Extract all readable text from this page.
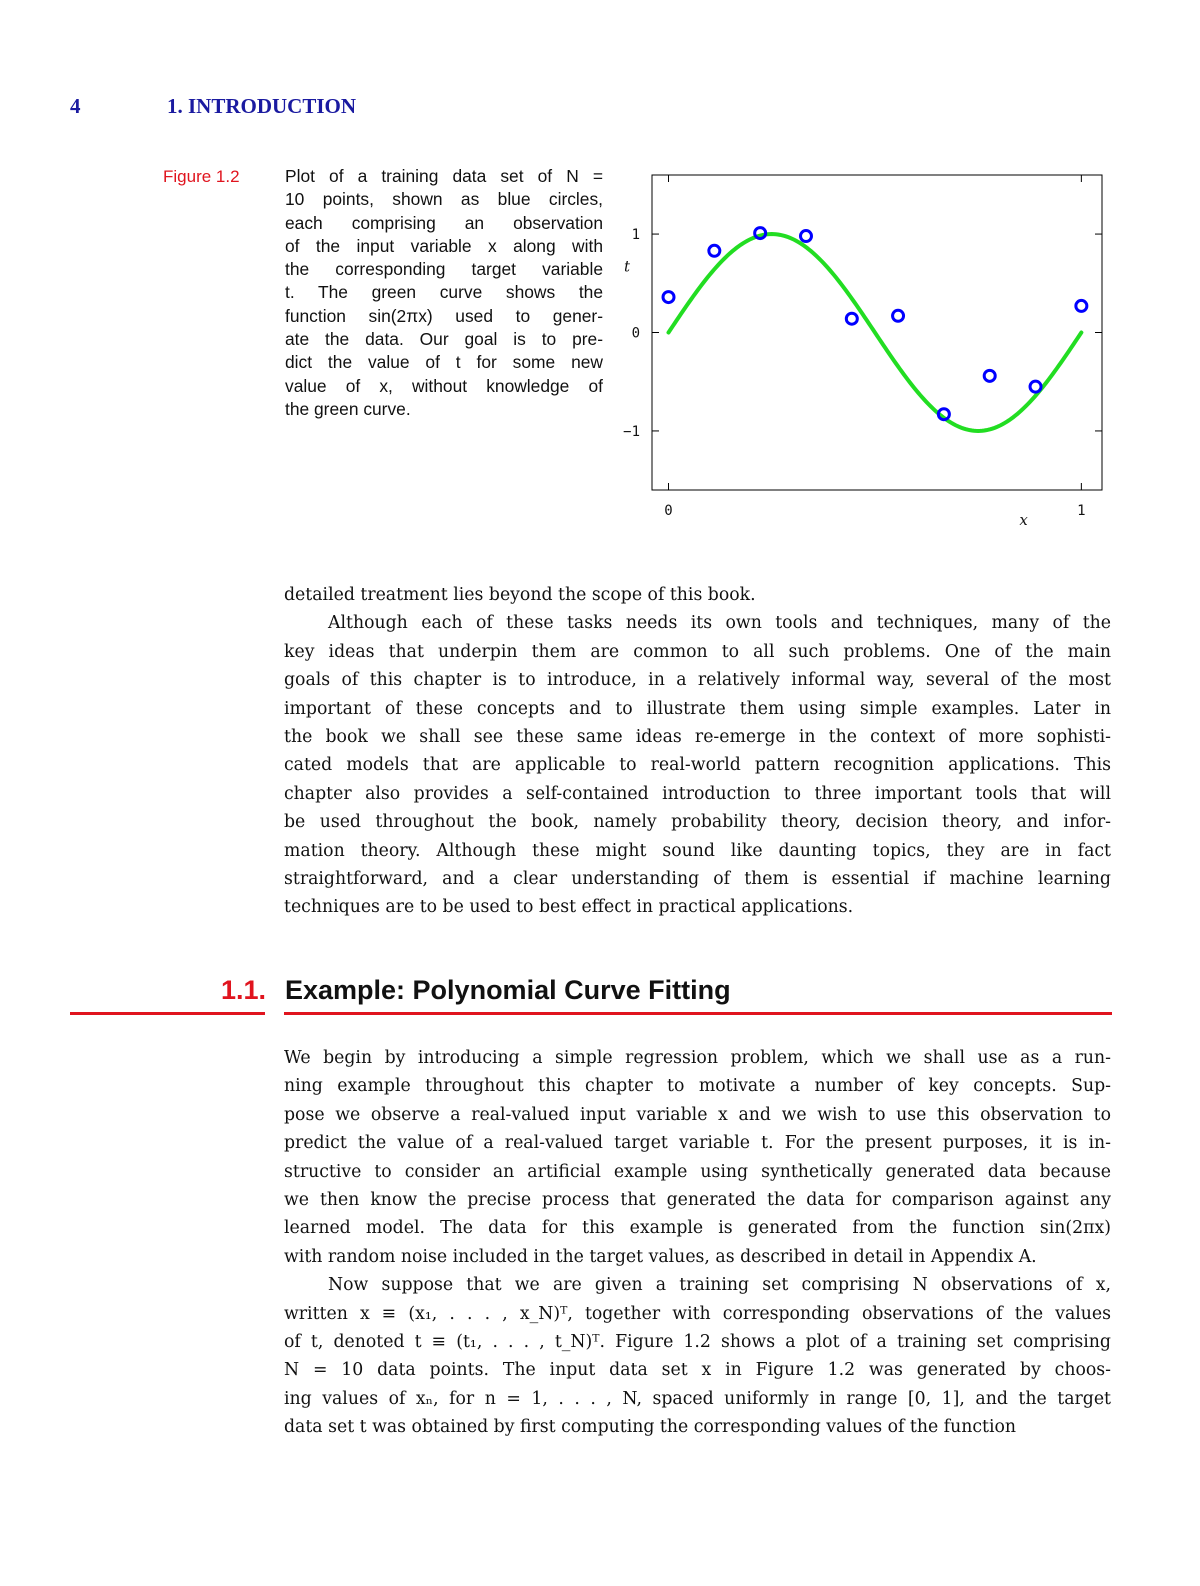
4	1. INTRODUCTION
Figure 1.2	Plot of a training data set of N =
10 points, shown as blue circles,
each comprising an observation
of the input variable x along with
the corresponding target variable
t. The green curve shows the
function sin(2πx) used to gener-
ate the data. Our goal is to pre-
dict the value of t for some new
value of x, without knowledge of
the green curve.
0	1
−1
0
1
x
t
detailed treatment lies beyond the scope of this book.
Although each of these tasks needs its own tools and techniques, many of the
key ideas that underpin them are common to all such problems. One of the main
goals of this chapter is to introduce, in a relatively informal way, several of the most
important of these concepts and to illustrate them using simple examples. Later in
the book we shall see these same ideas re-emerge in the context of more sophisti-
cated models that are applicable to real-world pattern recognition applications. This
chapter also provides a self-contained introduction to three important tools that will
be used throughout the book, namely probability theory, decision theory, and infor-
mation theory. Although these might sound like daunting topics, they are in fact
straightforward, and a clear understanding of them is essential if machine learning
techniques are to be used to best effect in practical applications.
1.1. Example: Polynomial Curve Fitting
We begin by introducing a simple regression problem, which we shall use as a run-
ning example throughout this chapter to motivate a number of key concepts. Sup-
pose we observe a real-valued input variable x and we wish to use this observation to
predict the value of a real-valued target variable t. For the present purposes, it is in-
structive to consider an artificial example using synthetically generated data because
we then know the precise process that generated the data for comparison against any
learned model. The data for this example is generated from the function sin(2πx)
with random noise included in the target values, as described in detail in Appendix A.
Now suppose that we are given a training set comprising N observations of x,
written x ≡ (x₁, . . . , x_N)ᵀ, together with corresponding observations of the values
of t, denoted t ≡ (t₁, . . . , t_N)ᵀ. Figure 1.2 shows a plot of a training set comprising
N = 10 data points. The input data set x in Figure 1.2 was generated by choos-
ing values of xₙ, for n = 1, . . . , N, spaced uniformly in range [0, 1], and the target
data set t was obtained by first computing the corresponding values of the function
